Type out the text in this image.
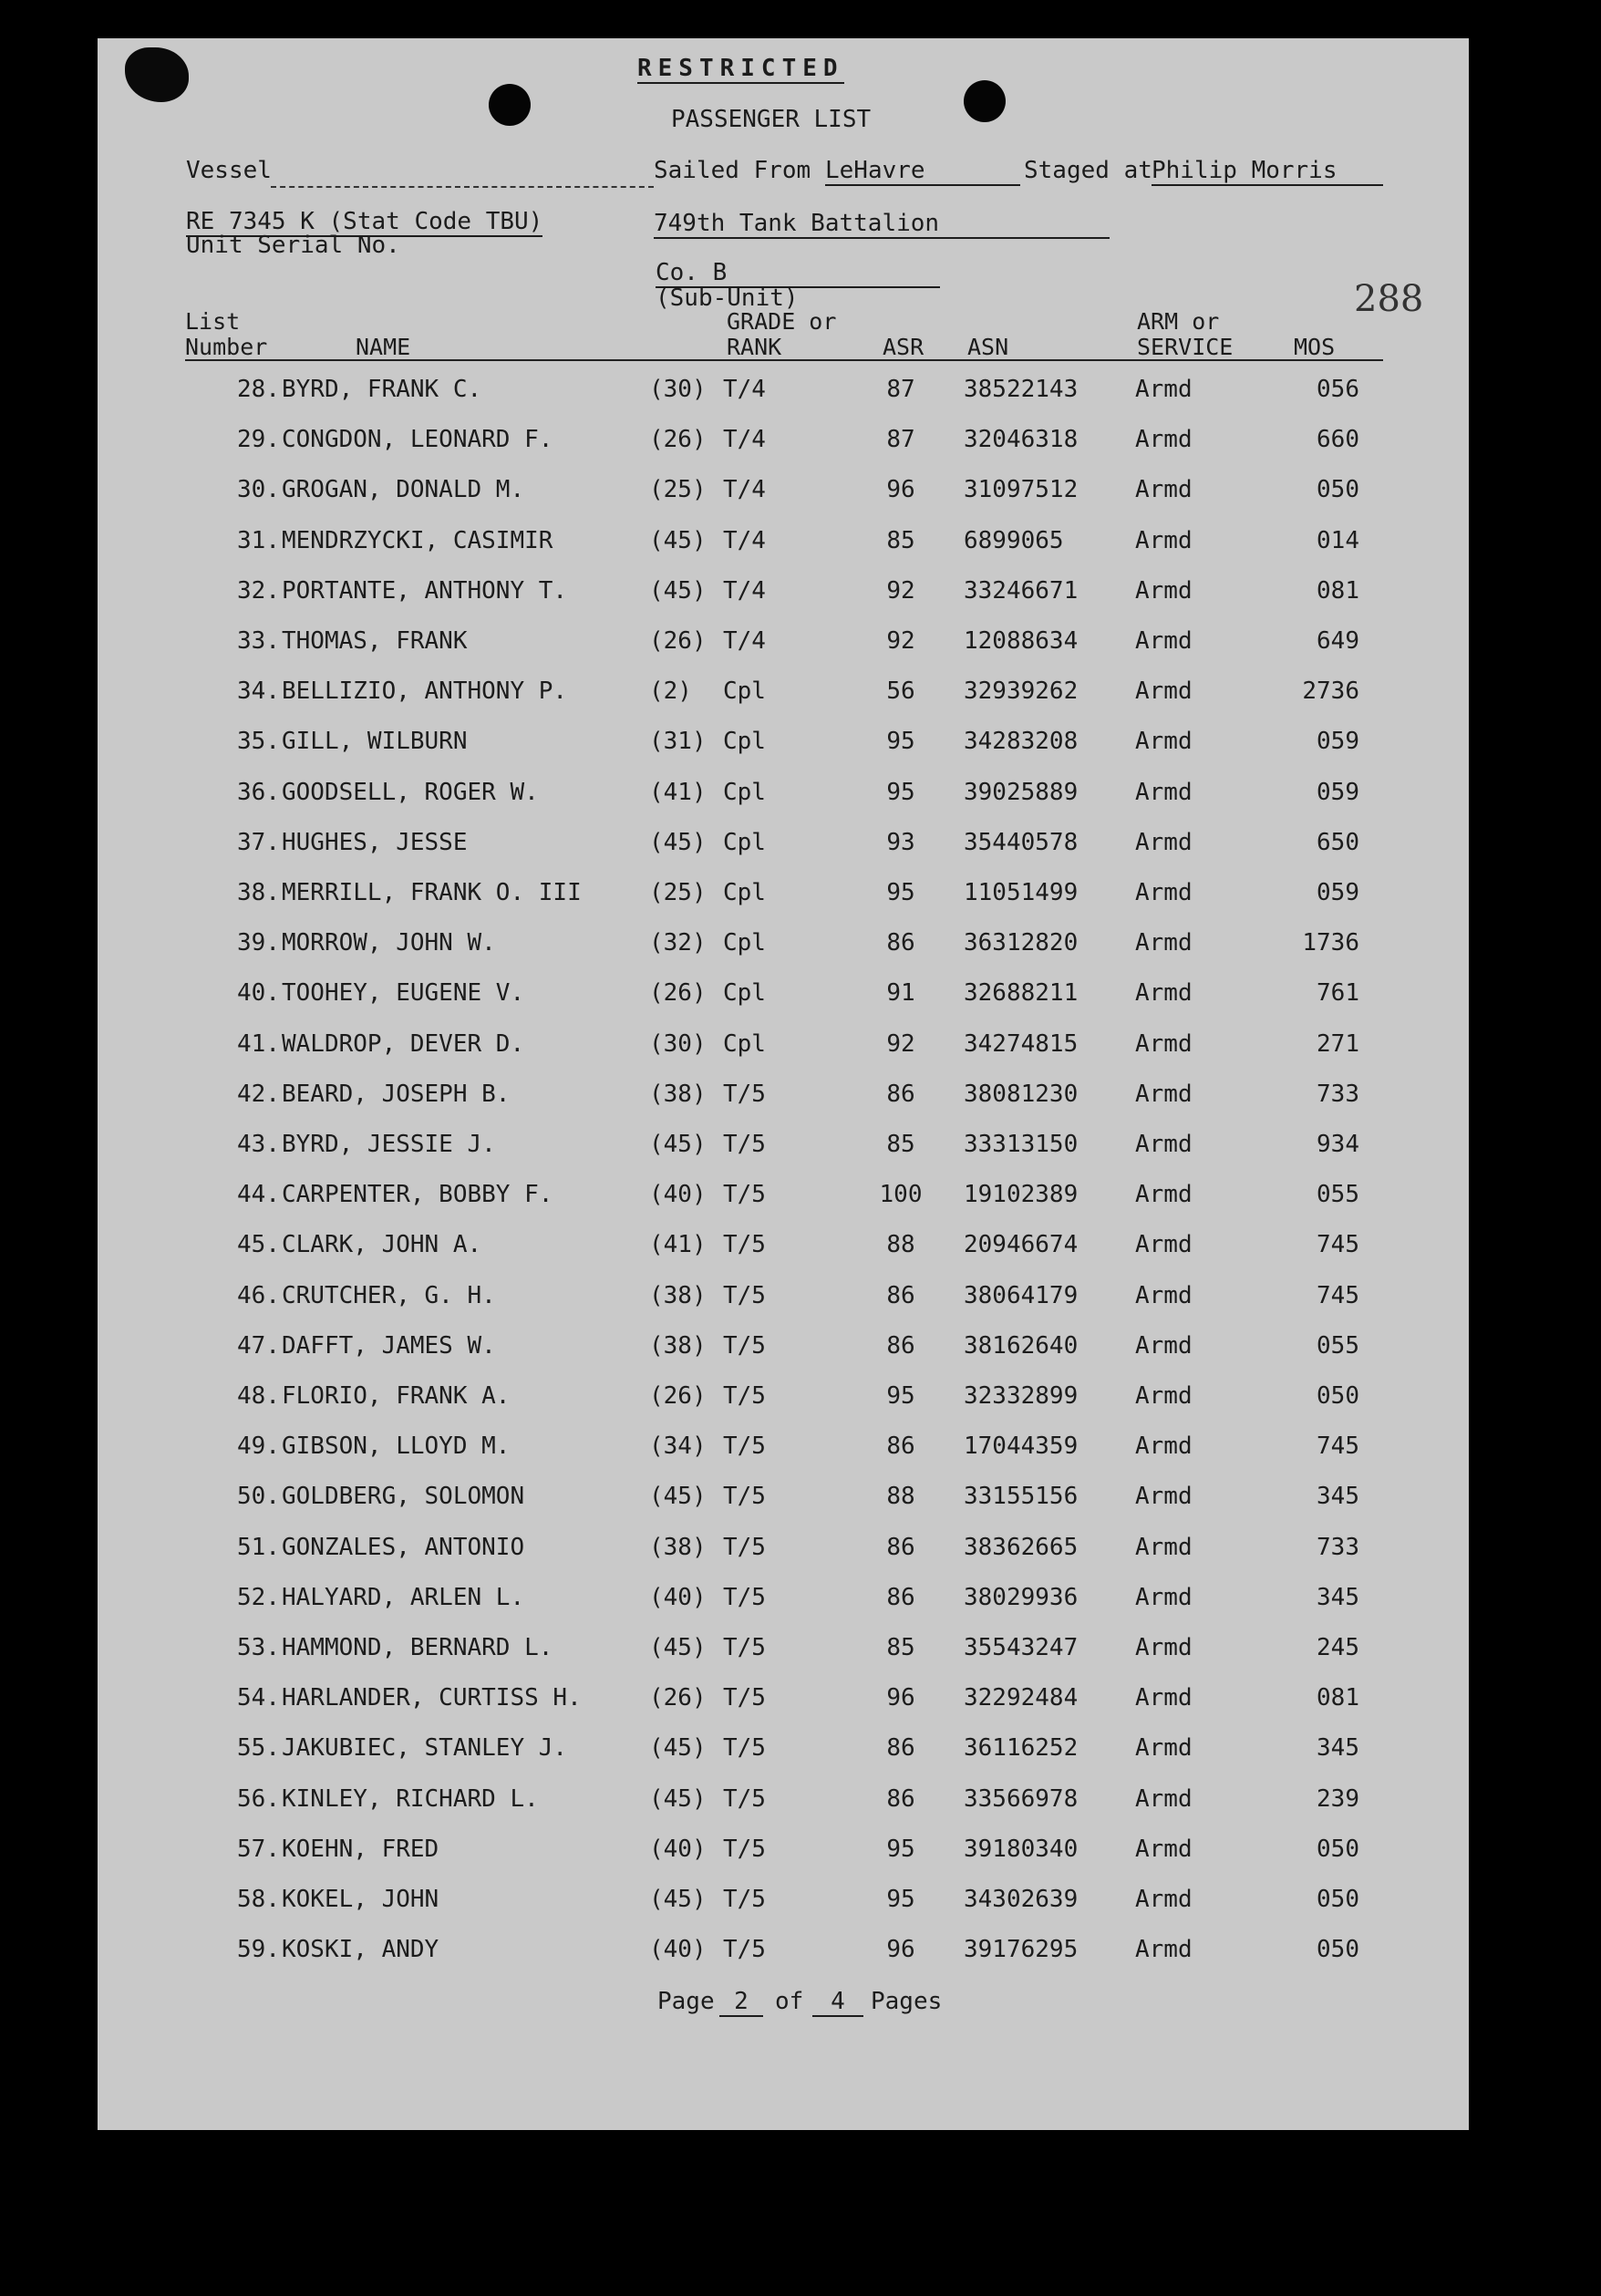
RESTRICTED
PASSENGER LIST
Vessel	Sailed From LeHavre	Staged at Philip Morris
RE 7345 K (Stat Code TBU)
Unit Serial No.
749th Tank Battalion
Co. B
(Sub-Unit)	288
List
Number	NAME
GRADE or
RANK	ASR ASN
ARM or
SERVICE	MOS
28. BYRD, FRANK C.	(30) T/4	87	38522143 Armd	056
29. CONGDON, LEONARD F.	(26) T/4	87	32046318 Armd	660
30. GROGAN, DONALD M.	(25) T/4	96	31097512 Armd	050
31. MENDRZYCKI, CASIMIR	(45) T/4	85	6899065	Armd	014
32. PORTANTE, ANTHONY T.	(45) T/4	92	33246671 Armd	081
33. THOMAS, FRANK	(26) T/4	92	12088634 Armd	649
34. BELLIZIO, ANTHONY P.	(2) Cpl	56	32939262 Armd	2736
35. GILL, WILBURN	(31) Cpl	95	34283208 Armd	059
36. GOODSELL, ROGER W.	(41) Cpl	95	39025889 Armd	059
37. HUGHES, JESSE	(45) Cpl	93	35440578 Armd	650
38. MERRILL, FRANK O. III	(25) Cpl	95	11051499 Armd	059
39. MORROW, JOHN W.	(32) Cpl	86	36312820 Armd	1736
40. TOOHEY, EUGENE V.	(26) Cpl	91	32688211 Armd	761
41. WALDROP, DEVER D.	(30) Cpl	92	34274815 Armd	271
42. BEARD, JOSEPH B.	(38) T/5	86	38081230 Armd	733
43. BYRD, JESSIE J.	(45) T/5	85	33313150 Armd	934
44. CARPENTER, BOBBY F.	(40) T/5	100	19102389 Armd	055
45. CLARK, JOHN A.	(41) T/5	88	20946674 Armd	745
46. CRUTCHER, G. H.	(38) T/5	86	38064179 Armd	745
47. DAFFT, JAMES W.	(38) T/5	86	38162640 Armd	055
48. FLORIO, FRANK A.	(26) T/5	95	32332899 Armd	050
49. GIBSON, LLOYD M.	(34) T/5	86	17044359 Armd	745
50. GOLDBERG, SOLOMON	(45) T/5	88	33155156 Armd	345
51. GONZALES, ANTONIO	(38) T/5	86	38362665 Armd	733
52. HALYARD, ARLEN L.	(40) T/5	86	38029936 Armd	345
53. HAMMOND, BERNARD L.	(45) T/5	85	35543247 Armd	245
54. HARLANDER, CURTISS H.	(26) T/5	96	32292484 Armd	081
55. JAKUBIEC, STANLEY J.	(45) T/5	86	36116252 Armd	345
56. KINLEY, RICHARD L.	(45) T/5	86	33566978 Armd	239
57. KOEHN, FRED	(40) T/5	95	39180340 Armd	050
58. KOKEL, JOHN	(45) T/5	95	34302639 Armd	050
59. KOSKI, ANDY	(40) T/5	96	39176295 Armd	050
Page 2	of	4	Pages
